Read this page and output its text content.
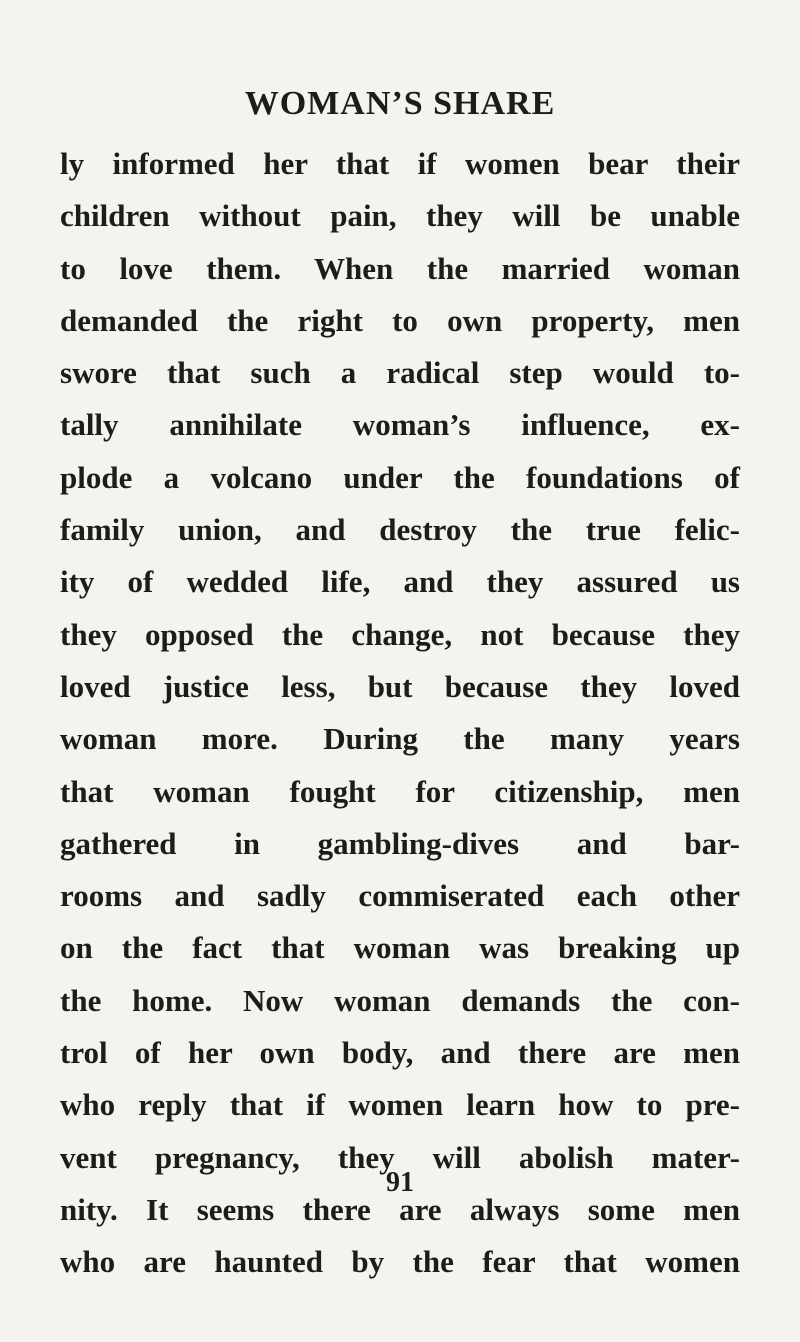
WOMAN’S SHARE
ly informed her that if women bear their
children without pain, they will be unable
to love them. When the married woman
demanded the right to own property, men
swore that such a radical step would to-
tally annihilate woman’s influence, ex-
plode a volcano under the foundations of
family union, and destroy the true felic-
ity of wedded life, and they assured us
they opposed the change, not because they
loved justice less, but because they loved
woman more. During the many years
that woman fought for citizenship, men
gathered in gambling-dives and bar-
rooms and sadly commiserated each other
on the fact that woman was breaking up
the home. Now woman demands the con-
trol of her own body, and there are men
who reply that if women learn how to pre-
vent pregnancy, they will abolish mater-
nity. It seems there are always some men
who are haunted by the fear that women
91
